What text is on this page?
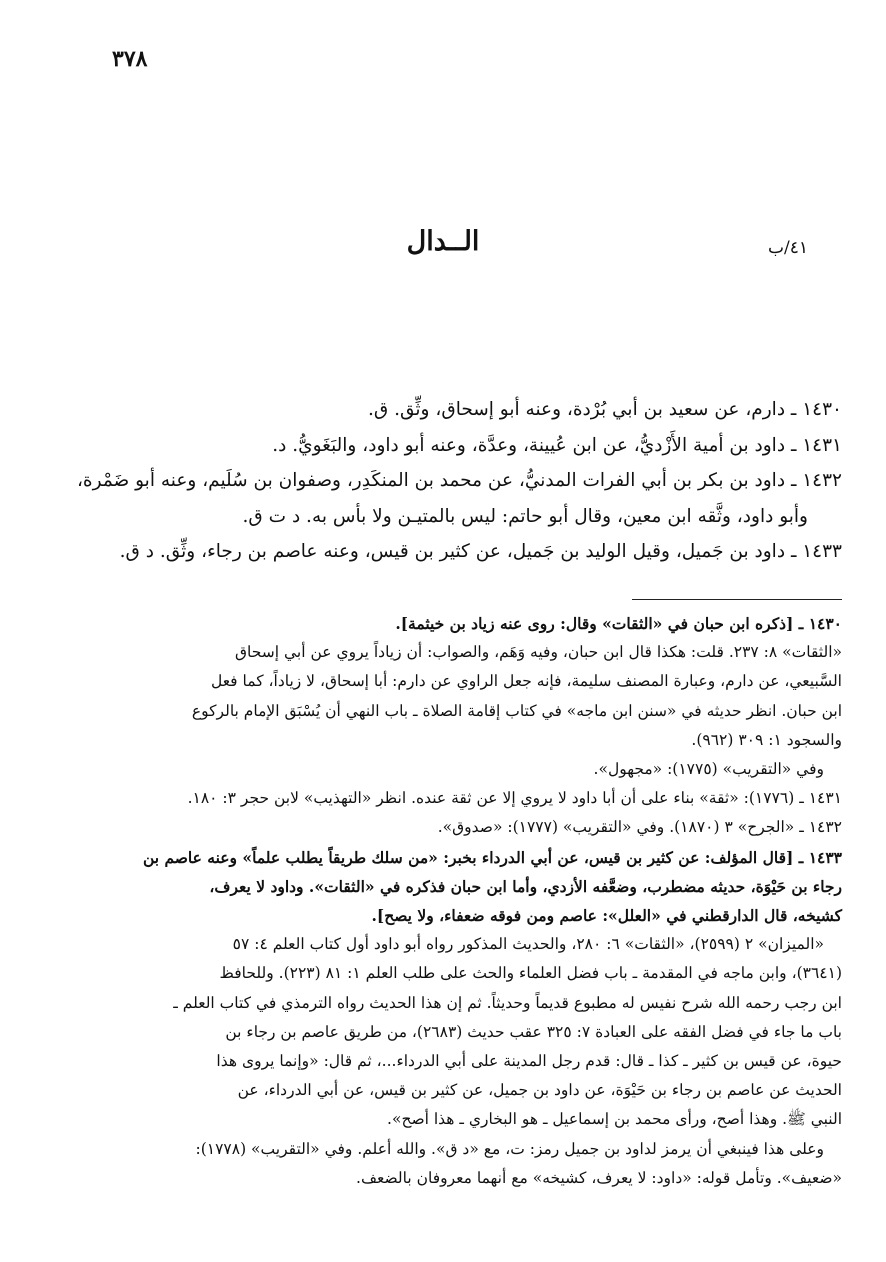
٣٧٨
٤١/ب
الــدال

١٤٣٠ ـ دارم، عن سعيد بن أبي بُرْدة، وعنه أبو إسحاق، وثِّق. ق.

١٤٣١ ـ داود بن أمية الأَزْديُّ، عن ابن عُيينة، وعدَّة، وعنه أبو داود، والبَغَويُّ. د.

١٤٣٢ ـ داود بن بكر بن أبي الفرات المدنيُّ، عن محمد بن المنكَدِر، وصفوان بن سُلَيم، وعنه أبو ضَمْرة،

وأبو داود، وثَّقه ابن معين، وقال أبو حاتم: ليس بالمتيـن ولا بأس به. د ت ق.

١٤٣٣ ـ داود بن جَميل، وقيل الوليد بن جَميل، عن كثير بن قيس، وعنه عاصم بن رجاء، وثِّق. د ق.

١٤٣٠ ـ [ذكره ابن حبان في «الثقات» وقال: روى عنه زياد بن خيثمة].

«الثقات» ٨: ٢٣٧. قلت: هكذا قال ابن حبان، وفيه وَهَم، والصواب: أن زياداً يروي عن أبي إسحاق

السَّبيعي، عن دارم، وعبارة المصنف سليمة، فإنه جعل الراوي عن دارم: أبا إسحاق، لا زياداً، كما فعل

ابن حبان. انظر حديثه في «سنن ابن ماجه» في كتاب إقامة الصلاة ـ باب النهي أن يُسْبَق الإمام بالركوع

والسجود ١: ٣٠٩ (٩٦٢).

وفي «التقريب» (١٧٧٥): «مجهول».

١٤٣١ ـ (١٧٧٦): «ثقة» بناء على أن أبا داود لا يروي إلا عن ثقة عنده. انظر «التهذيب» لابن حجر ٣: ١٨٠.

١٤٣٢ ـ «الجرح» ٣ (١٨٧٠). وفي «التقريب» (١٧٧٧): «صدوق».

١٤٣٣ ـ [قال المؤلف: عن كثير بن قيس، عن أبي الدرداء بخبر: «من سلك طريقاً يطلب علماً» وعنه عاصم بن

رجاء بن حَيْوَة، حديثه مضطرب، وضعَّفه الأزدي، وأما ابن حبان فذكره في «الثقات». وداود لا يعرف،

كشيخه، قال الدارقطني في «العلل»: عاصم ومن فوقه ضعفاء، ولا يصح].

«الميزان» ٢ (٢٥٩٩)، «الثقات» ٦: ٢٨٠، والحديث المذكور رواه أبو داود أول كتاب العلم ٤: ٥٧

(٣٦٤١)، وابن ماجه في المقدمة ـ باب فضل العلماء والحث على طلب العلم ١: ٨١ (٢٢٣). وللحافظ

ابن رجب رحمه الله شرح نفيس له مطبوع قديماً وحديثاً. ثم إن هذا الحديث رواه الترمذي في كتاب العلم ـ

باب ما جاء في فضل الفقه على العبادة ٧: ٣٢٥ عقب حديث (٢٦٨٣)، من طريق عاصم بن رجاء بن

حيوة، عن قيس بن كثير ـ كذا ـ قال: قدم رجل المدينة على أبي الدرداء...، ثم قال: «وإنما يروى هذا

الحديث عن عاصم بن رجاء بن حَيْوَة، عن داود بن جميل، عن كثير بن قيس، عن أبي الدرداء، عن

النبي ﷺ. وهذا أصح، ورأى محمد بن إسماعيل ـ هو البخاري ـ هذا أصح».

وعلى هذا فينبغي أن يرمز لداود بن جميل رمز: ت، مع «د ق». والله أعلم. وفي «التقريب» (١٧٧٨):

«ضعيف». وتأمل قوله: «داود: لا يعرف، كشيخه» مع أنهما معروفان بالضعف.
